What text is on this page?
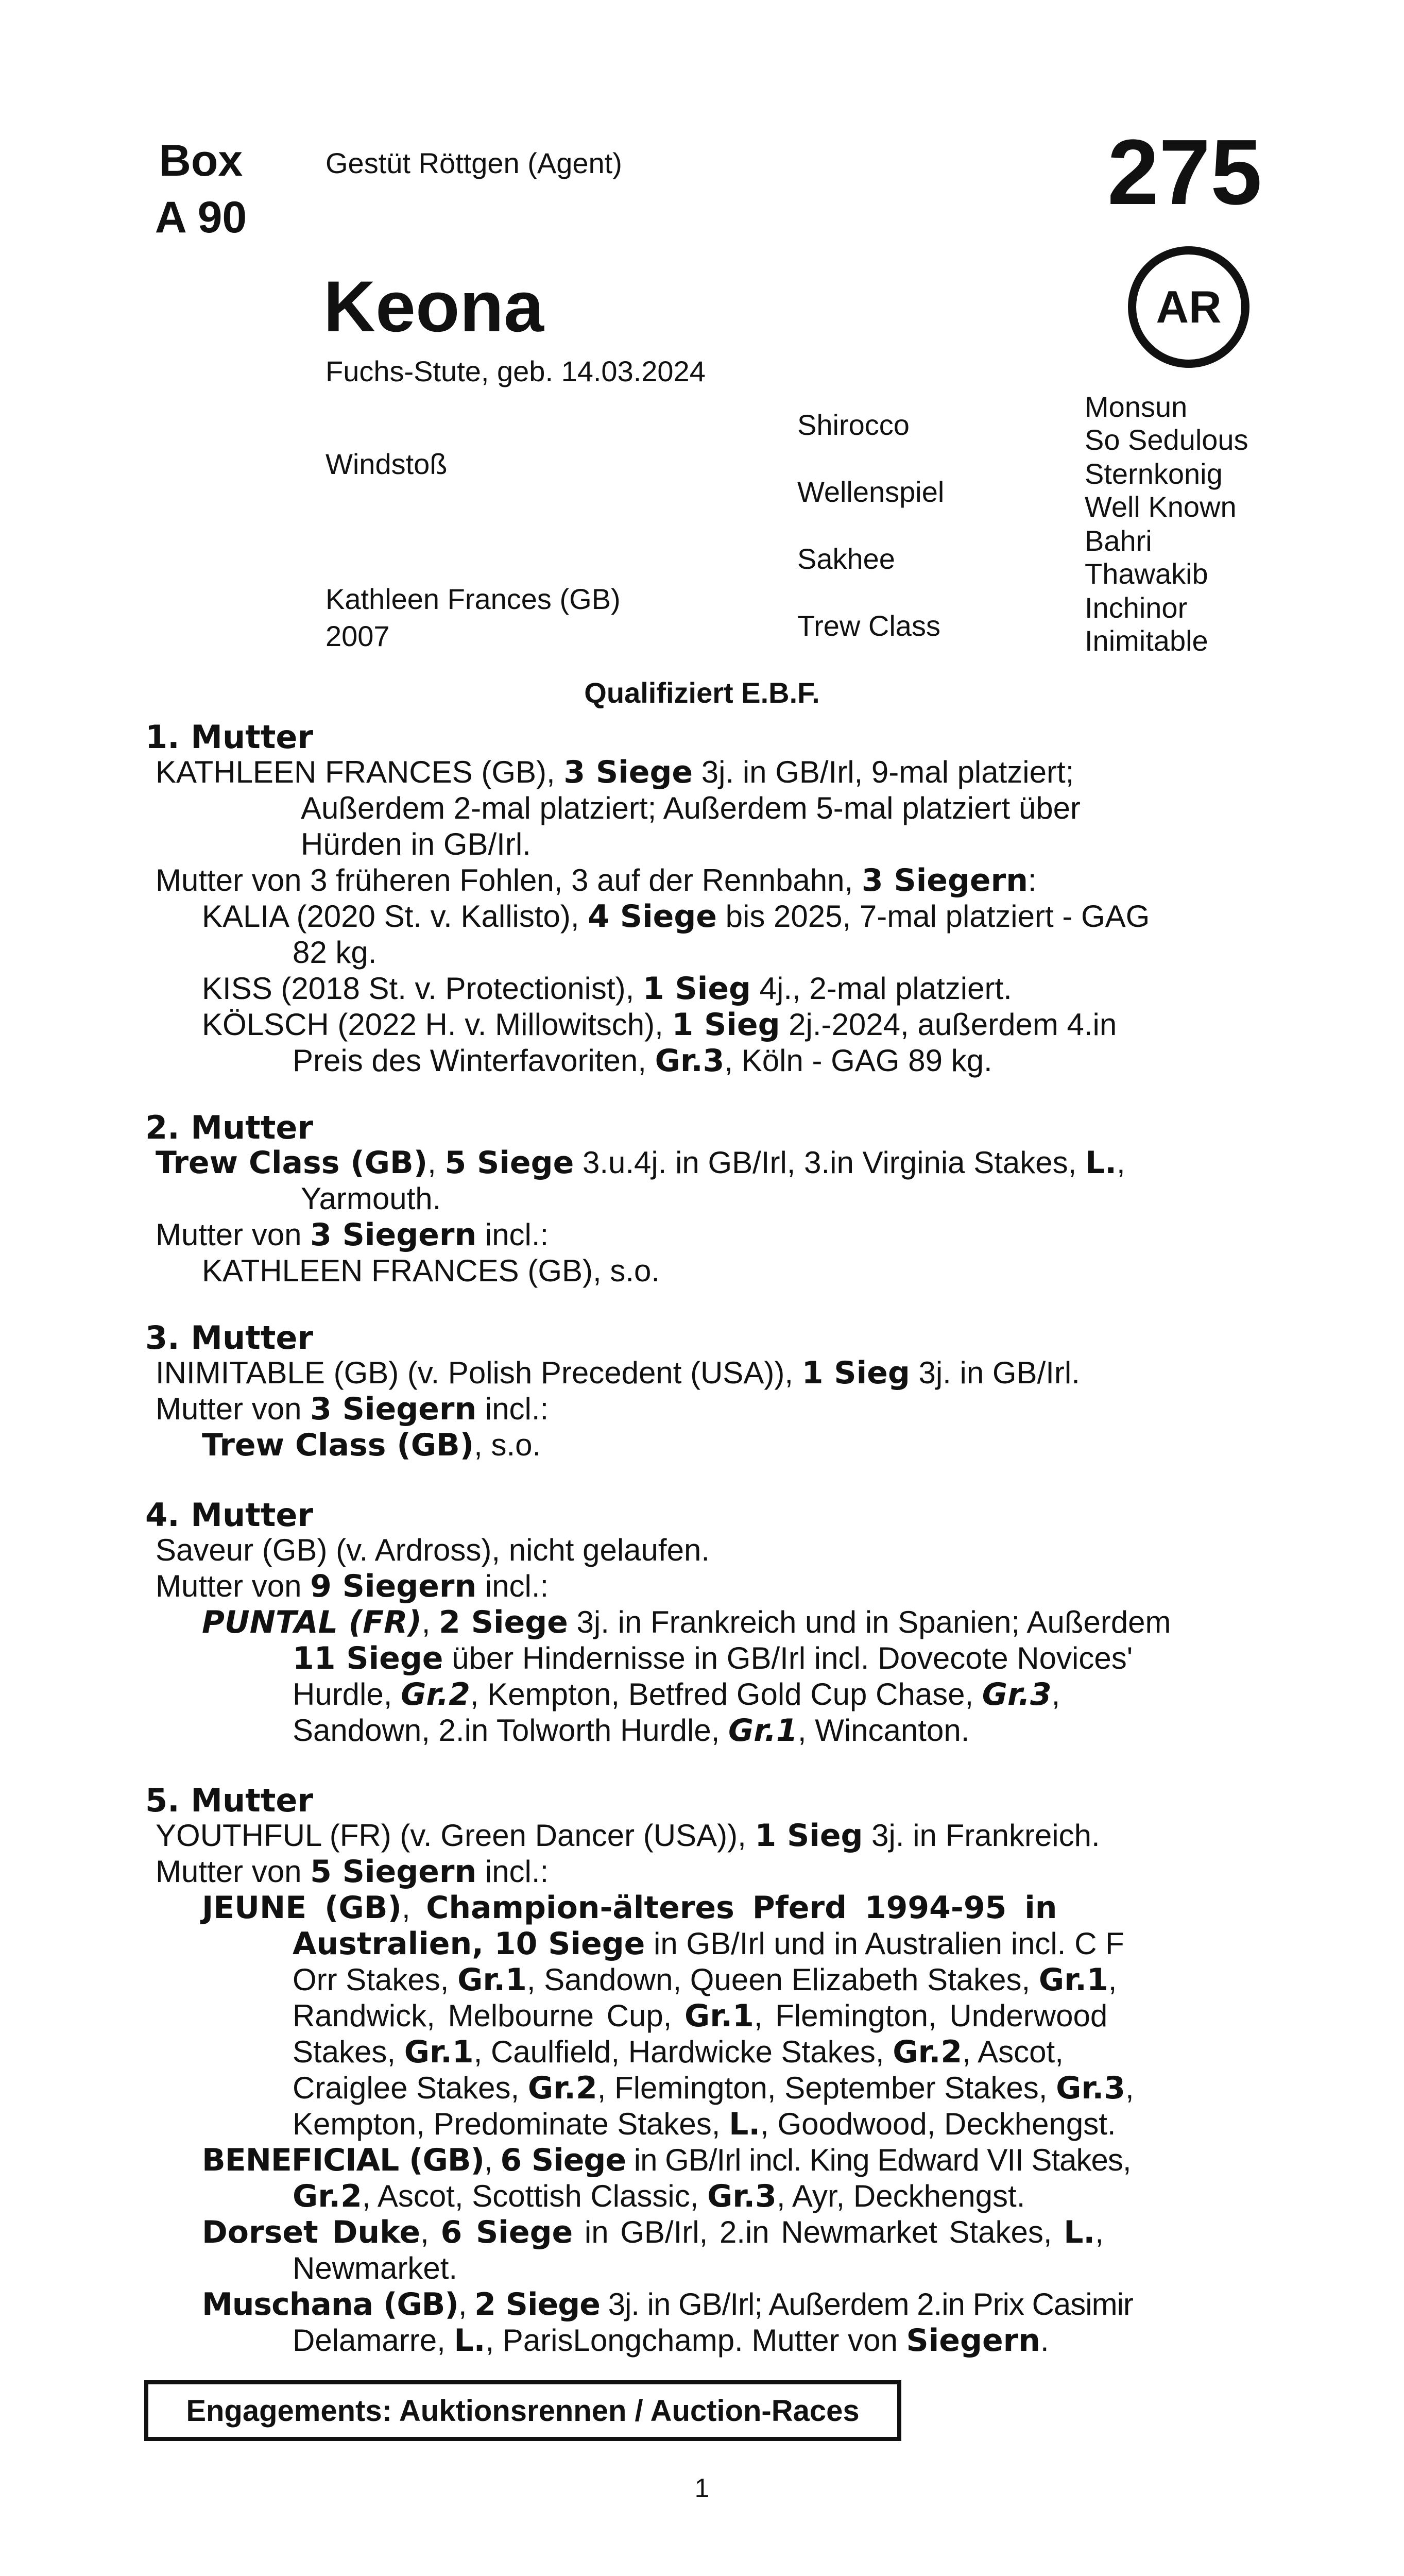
Box
A 90
Gestüt Röttgen (Agent)	275
AR
Keona
Fuchs-Stute, geb. 14.03.2024
Windstoß
Kathleen Frances (GB)
2007
Shirocco
Wellenspiel
Sakhee
Trew Class
Monsun
So Sedulous
Sternkonig
Well Known
Bahri
Thawakib
Inchinor
Inimitable
Qualifiziert E.B.F.
1. Mutter
KATHLEEN FRANCES (GB), 3 Siege 3j. in GB/Irl, 9-mal platziert;
Außerdem 2-mal platziert; Außerdem 5-mal platziert über
Hürden in GB/Irl.
Mutter von 3 früheren Fohlen, 3 auf der Rennbahn, 3 Siegern:
KALIA (2020 St. v. Kallisto), 4 Siege bis 2025, 7-mal platziert - GAG
82 kg.
KISS (2018 St. v. Protectionist), 1 Sieg 4j., 2-mal platziert.
KÖLSCH (2022 H. v. Millowitsch), 1 Sieg 2j.-2024, außerdem 4.in
Preis des Winterfavoriten, Gr.3, Köln - GAG 89 kg.
2. Mutter
Trew Class (GB), 5 Siege 3.u.4j. in GB/Irl, 3.in Virginia Stakes, L.,
Yarmouth.
Mutter von 3 Siegern incl.:
KATHLEEN FRANCES (GB), s.o.
3. Mutter
INIMITABLE (GB) (v. Polish Precedent (USA)), 1 Sieg 3j. in GB/Irl.
Mutter von 3 Siegern incl.:
Trew Class (GB), s.o.
4. Mutter
Saveur (GB) (v. Ardross), nicht gelaufen.
Mutter von 9 Siegern incl.:
PUNTAL (FR), 2 Siege 3j. in Frankreich und in Spanien; Außerdem
11 Siege über Hindernisse in GB/Irl incl. Dovecote Novices'
Hurdle, Gr.2, Kempton, Betfred Gold Cup Chase, Gr.3,
Sandown, 2.in Tolworth Hurdle, Gr.1, Wincanton.
5. Mutter
YOUTHFUL (FR) (v. Green Dancer (USA)), 1 Sieg 3j. in Frankreich.
Mutter von 5 Siegern incl.:
JEUNE (GB), Champion-älteres Pferd 1994-95 in
Australien, 10 Siege in GB/Irl und in Australien incl. C F
Orr Stakes, Gr.1, Sandown, Queen Elizabeth Stakes, Gr.1,
Randwick, Melbourne Cup, Gr.1, Flemington, Underwood
Stakes, Gr.1, Caulfield, Hardwicke Stakes, Gr.2, Ascot,
Craiglee Stakes, Gr.2, Flemington, September Stakes, Gr.3,
Kempton, Predominate Stakes, L., Goodwood, Deckhengst.
BENEFICIAL (GB), 6 Siege in GB/Irl incl. King Edward VII Stakes,
Gr.2, Ascot, Scottish Classic, Gr.3, Ayr, Deckhengst.
Dorset Duke, 6 Siege in GB/Irl, 2.in Newmarket Stakes, L.,
Newmarket.
Muschana (GB), 2 Siege 3j. in GB/Irl; Außerdem 2.in Prix Casimir
Delamarre, L., ParisLongchamp. Mutter von Siegern.
Engagements: Auktionsrennen / Auction-Races
1
